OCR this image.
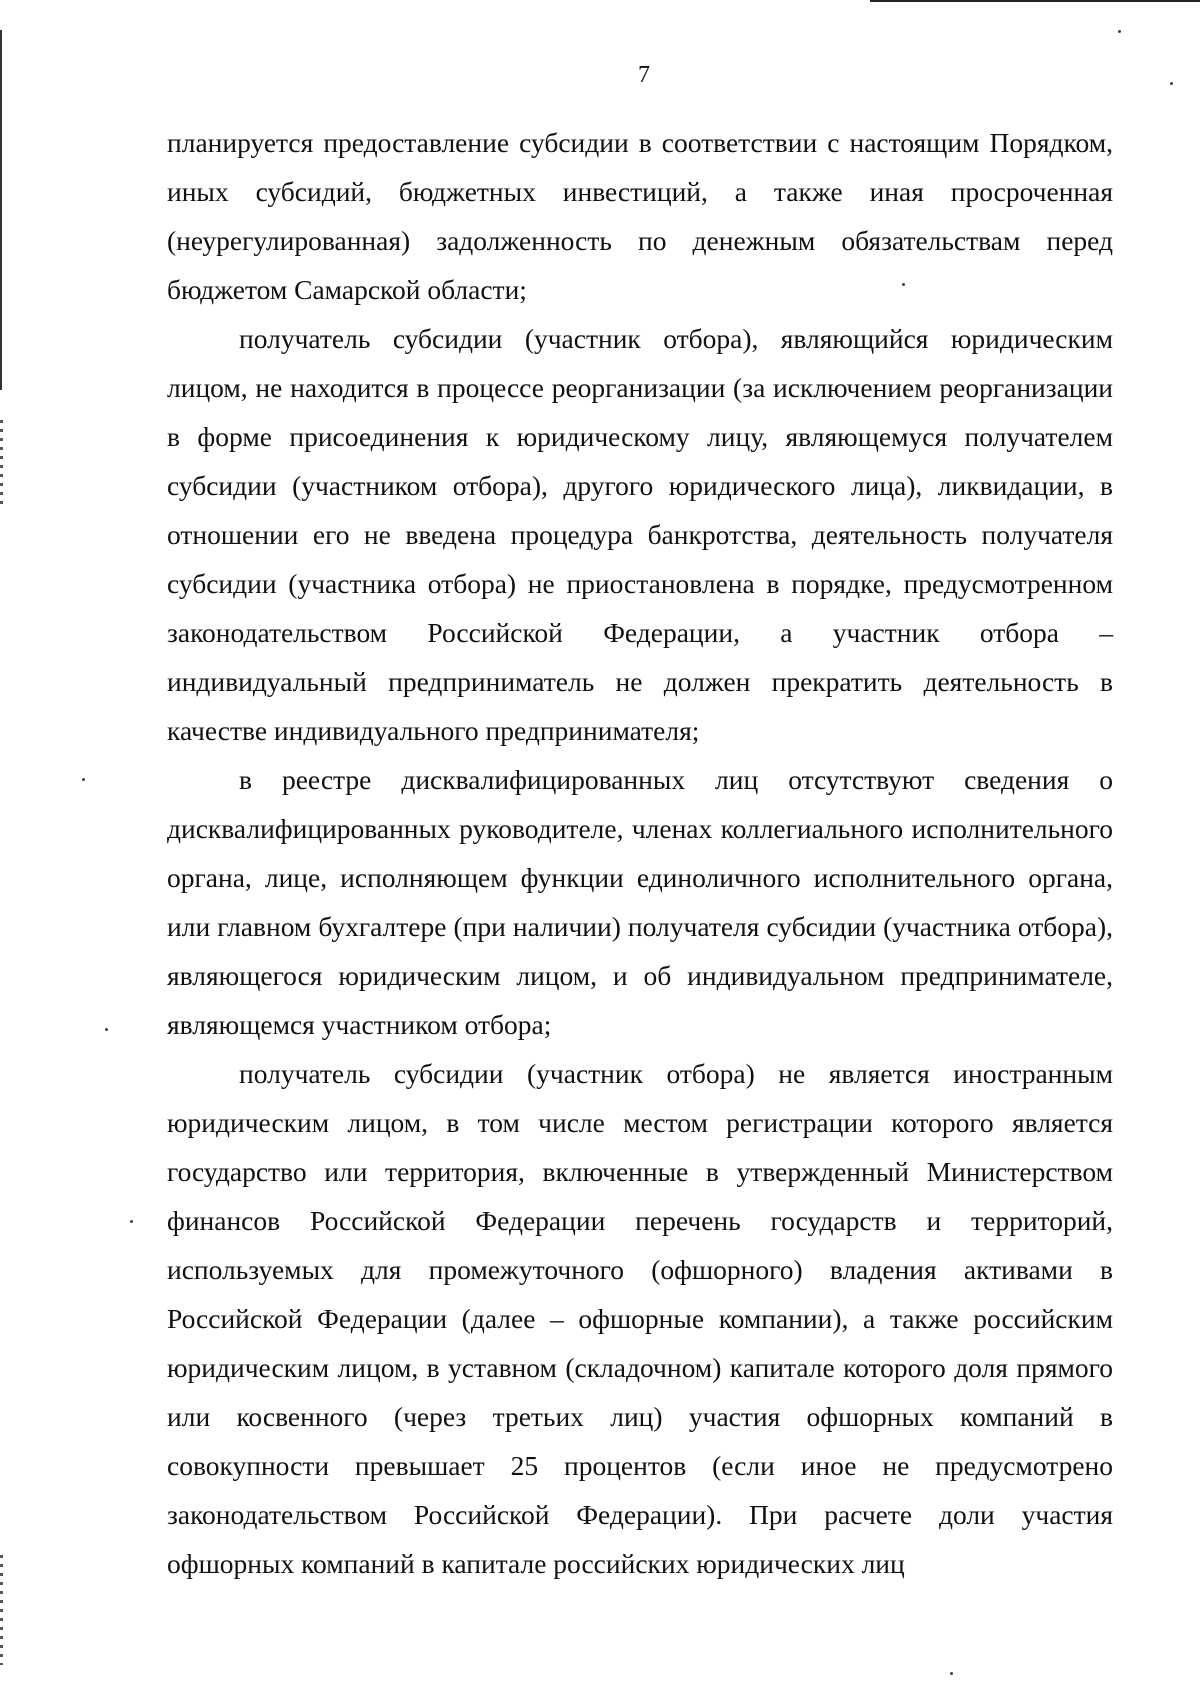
7

планируется предоставление субсидии в соответствии с настоящим Порядком, иных субсидий, бюджетных инвестиций, а также иная просроченная (неурегулированная) задолженность по денежным обязательствам перед бюджетом Самарской области;

получатель субсидии (участник отбора), являющийся юридическим лицом, не находится в процессе реорганизации (за исключением реорганизации в форме присоединения к юридическому лицу, являющемуся получателем субсидии (участником отбора), другого юридического лица), ликвидации, в отношении его не введена процедура банкротства, деятельность получателя субсидии (участника отбора) не приостановлена в порядке, предусмотренном законодательством Российской Федерации, а участник отбора – индивидуальный предприниматель не должен прекратить деятельность в качестве индивидуального предпринимателя;

в реестре дисквалифицированных лиц отсутствуют сведения о дисквалифицированных руководителе, членах коллегиального исполнительного органа, лице, исполняющем функции единоличного исполнительного органа, или главном бухгалтере (при наличии) получателя субсидии (участника отбора), являющегося юридическим лицом, и об индивидуальном предпринимателе, являющемся участником отбора;

получатель субсидии (участник отбора) не является иностранным юридическим лицом, в том числе местом регистрации которого является государство или территория, включенные в утвержденный Министерством финансов Российской Федерации перечень государств и территорий, используемых для промежуточного (офшорного) владения активами в Российской Федерации (далее – офшорные компании), а также российским юридическим лицом, в уставном (складочном) капитале которого доля прямого или косвенного (через третьих лиц) участия офшорных компаний в совокупности превышает 25 процентов (если иное не предусмотрено законодательством Российской Федерации). При расчете доли участия офшорных компаний в капитале российских юридических лиц
